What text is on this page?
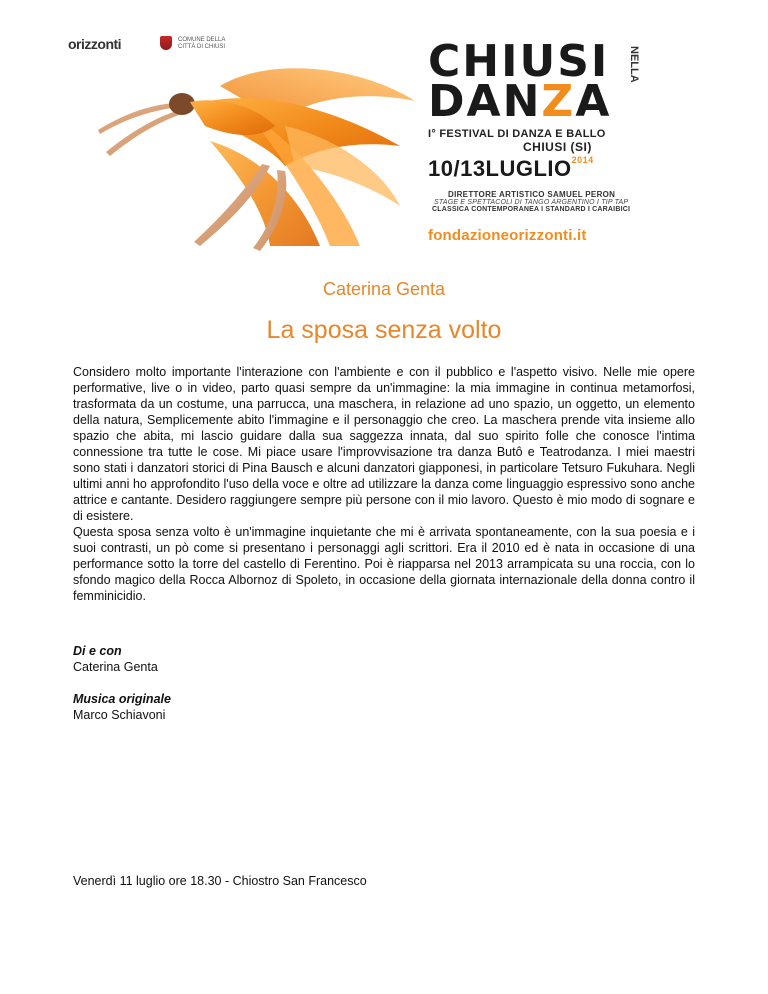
orizzonti	COMUNE DELLA CITTÀ DI CHIUSI	CHIUSI
DANZA
NELLA
I° FESTIVAL DI DANZA E BALLO
CHIUSI (SI)
10/13LUGLIO2014
DIRETTORE ARTISTICO SAMUEL PERON
STAGE E SPETTACOLI DI TANGO ARGENTINO I TIP TAP
CLASSICA CONTEMPORANEA I STANDARD I CARAIBICI
fondazioneorizzonti.it
Caterina Genta
La sposa senza volto

Considero molto importante l'interazione con l'ambiente e con il pubblico e l'aspetto visivo. Nelle mie opere performative, live o in video, parto quasi sempre da un'immagine: la mia immagine in continua metamorfosi, trasformata da un costume, una parrucca, una maschera, in relazione ad uno spazio, un oggetto, un elemento della natura, Semplicemente abito l'immagine e il personaggio che creo. La maschera prende vita insieme allo spazio che abita, mi lascio guidare dalla sua saggezza innata, dal suo spirito folle che conosce l'intima connessione tra tutte le cose. Mi piace usare l'improvvisazione tra danza Butô e Teatrodanza. I miei maestri sono stati i danzatori storici di Pina Bausch e alcuni danzatori giapponesi, in particolare Tetsuro Fukuhara. Negli ultimi anni ho approfondito l'uso della voce e oltre ad utilizzare la danza come linguaggio espressivo sono anche attrice e cantante. Desidero raggiungere sempre più persone con il mio lavoro. Questo è mio modo di sognare e di esistere.

Questa sposa senza volto è un'immagine inquietante che mi è arrivata spontaneamente, con la sua poesia e i suoi contrasti, un pò come si presentano i personaggi agli scrittori. Era il 2010 ed è nata in occasione di una performance sotto la torre del castello di Ferentino. Poi è riapparsa nel 2013 arrampicata su una roccia, con lo sfondo magico della Rocca Albornoz di Spoleto, in occasione della giornata internazionale della donna contro il femminicidio.

Di e con
Caterina Genta
Musica originale
Marco Schiavoni
Venerdì 11 luglio ore 18.30 - Chiostro San Francesco
